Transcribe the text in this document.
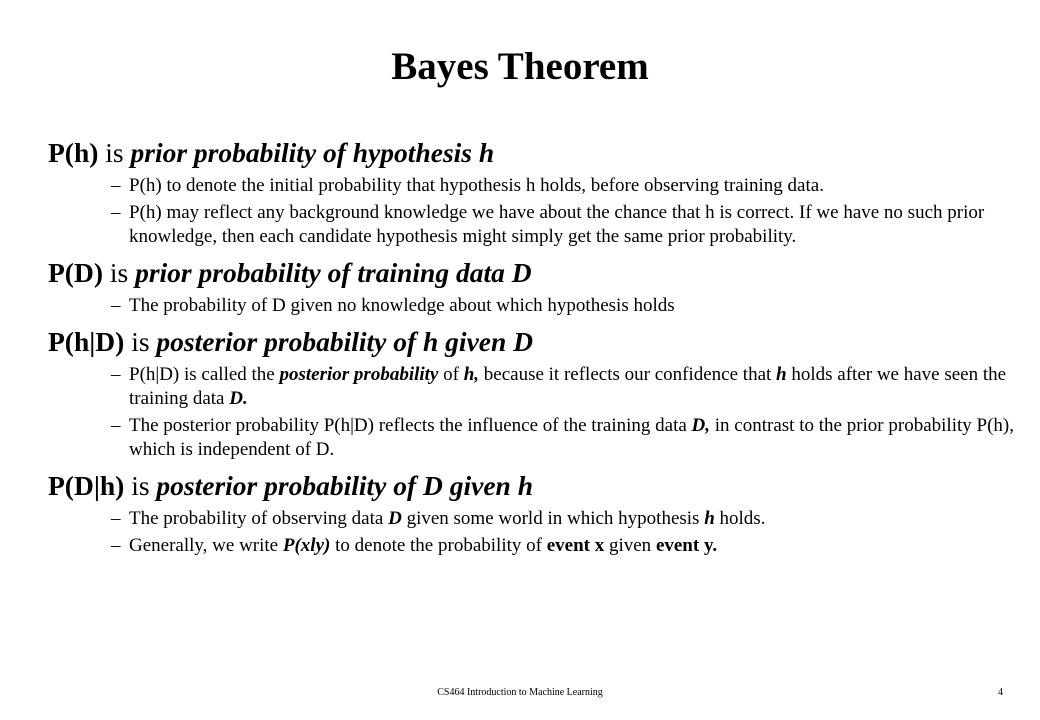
Bayes Theorem
P(h) is prior probability of hypothesis h
– P(h) to denote the initial probability that hypothesis h holds, before observing training data.
– P(h) may reflect any background knowledge we have about the chance that h is correct. If we have no such prior knowledge, then each candidate hypothesis might simply get the same prior probability.
P(D) is prior probability of training data D
– The probability of D given no knowledge about which hypothesis holds
P(h|D) is posterior probability of h given D
– P(h|D) is called the posterior probability of h, because it reflects our confidence that h holds after we have seen the training data D.
– The posterior probability P(h|D) reflects the influence of the training data D, in contrast to the prior probability P(h), which is independent of D.
P(D|h) is posterior probability of D given h
– The probability of observing data D given some world in which hypothesis h holds.
– Generally, we write P(xly) to denote the probability of event x given event y.
CS464 Introduction to Machine Learning	4
